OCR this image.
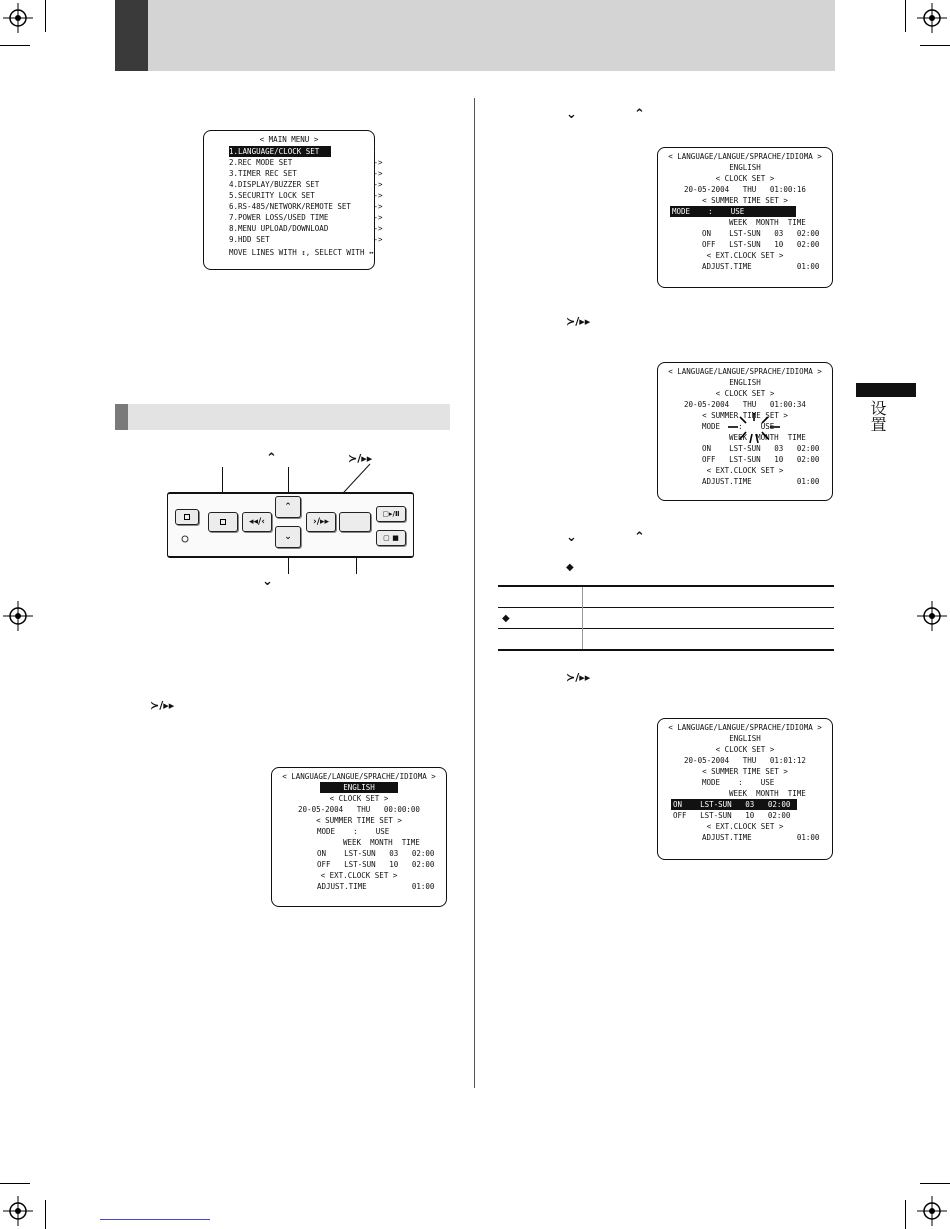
< MAIN MENU >
1.LANGUAGE/CLOCK SET            ->
2.REC MODE SET                  ->
3.TIMER REC SET                 ->
4.DISPLAY/BUZZER SET            ->
5.SECURITY LOCK SET             ->
6.RS-485/NETWORK/REMOTE SET     ->
7.POWER LOSS/USED TIME          ->
8.MENU UPLOAD/DOWNLOAD          ->
9.HDD SET                       ->
MOVE LINES WITH ↕, SELECT WITH ↔
⌃	≻/▸▸
⌄
◂◂/‹
⌃
›/▸▸
⌄
▢▸/Ⅱ
▢ ■
≻/▸▸
< LANGUAGE/LANGUE/SPRACHE/IDIOMA >
ENGLISH
< CLOCK SET >
20-05-2004   THU   00:00:00
< SUMMER TIME SET >
MODE    :    USE
WEEK  MONTH  TIME
ON    LST-SUN   03   02:00
OFF   LST-SUN   10   02:00
< EXT.CLOCK SET >
ADJUST.TIME          01:00
⌄	⌃
< LANGUAGE/LANGUE/SPRACHE/IDIOMA >
ENGLISH
< CLOCK SET >
20-05-2004   THU   01:00:16
< SUMMER TIME SET >
MODE    :    USE
WEEK  MONTH  TIME
ON    LST-SUN   03   02:00
OFF   LST-SUN   10   02:00
< EXT.CLOCK SET >
ADJUST.TIME          01:00
≻/▸▸
< LANGUAGE/LANGUE/SPRACHE/IDIOMA >
ENGLISH
< CLOCK SET >
20-05-2004   THU   01:00:34
< SUMMER TIME SET >
MODE    :    USE
WEEK  MONTH  TIME
ON    LST-SUN   03   02:00
OFF   LST-SUN   10   02:00
< EXT.CLOCK SET >
ADJUST.TIME          01:00
⌄	⌃
◆

◆	

≻/▸▸
< LANGUAGE/LANGUE/SPRACHE/IDIOMA >
ENGLISH
< CLOCK SET >
20-05-2004   THU   01:01:12
< SUMMER TIME SET >
MODE    :    USE
WEEK  MONTH  TIME
ON    LST-SUN   03   02:00
OFF   LST-SUN   10   02:00
< EXT.CLOCK SET >
ADJUST.TIME          01:00
设置
